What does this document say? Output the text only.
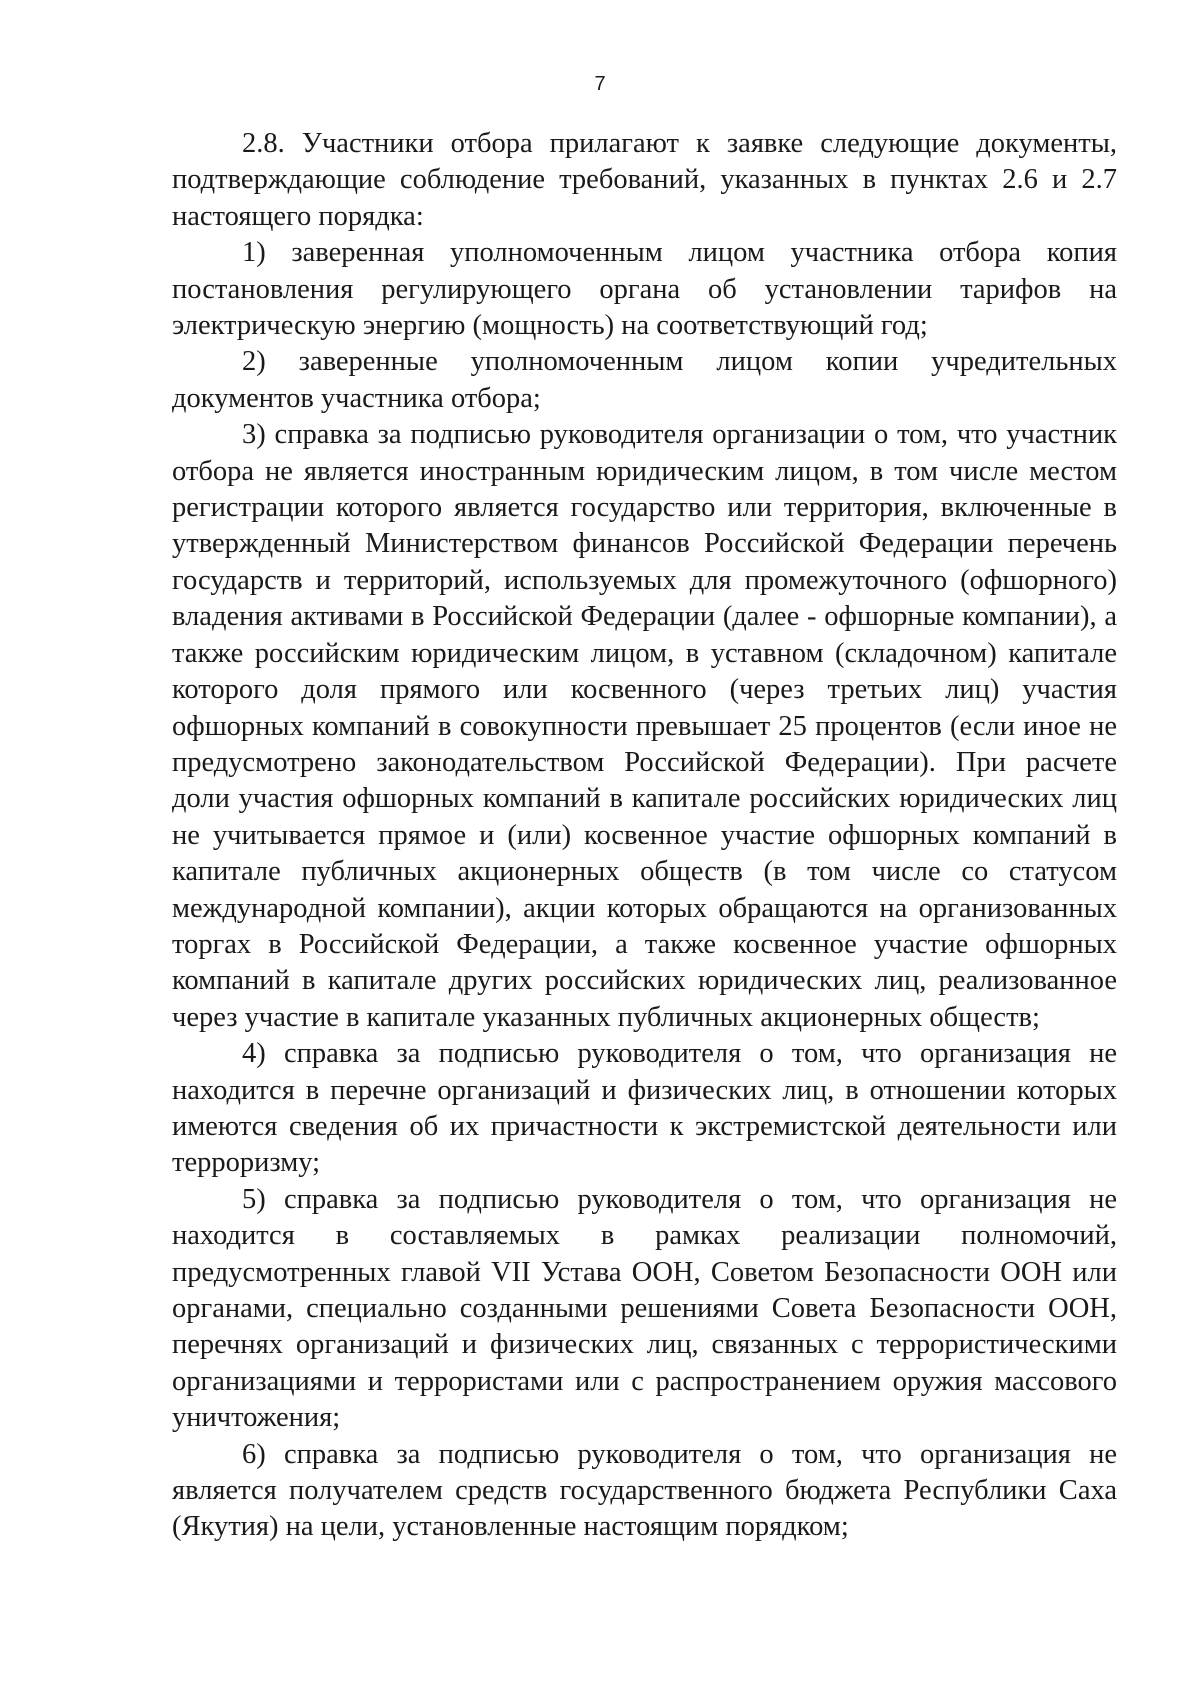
7

2.8. Участники отбора прилагают к заявке следующие документы, подтверждающие соблюдение требований, указанных в пунктах 2.6 и 2.7 настоящего порядка:

1) заверенная уполномоченным лицом участника отбора копия постановления регулирующего органа об установлении тарифов на электрическую энергию (мощность) на соответствующий год;

2) заверенные уполномоченным лицом копии учредительных документов участника отбора;

3) справка за подписью руководителя организации о том, что участник отбора не является иностранным юридическим лицом, в том числе местом регистрации которого является государство или территория, включенные в утвержденный Министерством финансов Российской Федерации перечень государств и территорий, используемых для промежуточного (офшорного) владения активами в Российской Федерации (далее - офшорные компании), а также российским юридическим лицом, в уставном (складочном) капитале которого доля прямого или косвенного (через третьих лиц) участия офшорных компаний в совокупности превышает 25 процентов (если иное не предусмотрено законодательством Российской Федерации). При расчете доли участия офшорных компаний в капитале российских юридических лиц не учитывается прямое и (или) косвенное участие офшорных компаний в капитале публичных акционерных обществ (в том числе со статусом международной компании), акции которых обращаются на организованных торгах в Российской Федерации, а также косвенное участие офшорных компаний в капитале других российских юридических лиц, реализованное через участие в капитале указанных публичных акционерных обществ;

4) справка за подписью руководителя о том, что организация не находится в перечне организаций и физических лиц, в отношении которых имеются сведения об их причастности к экстремистской деятельности или терроризму;

5) справка за подписью руководителя о том, что организация не находится в составляемых в рамках реализации полномочий, предусмотренных главой VII Устава ООН, Советом Безопасности ООН или органами, специально созданными решениями Совета Безопасности ООН, перечнях организаций и физических лиц, связанных с террористическими организациями и террористами или с распространением оружия массового уничтожения;

6) справка за подписью руководителя о том, что организация не является получателем средств государственного бюджета Республики Саха (Якутия) на цели, установленные настоящим порядком;
